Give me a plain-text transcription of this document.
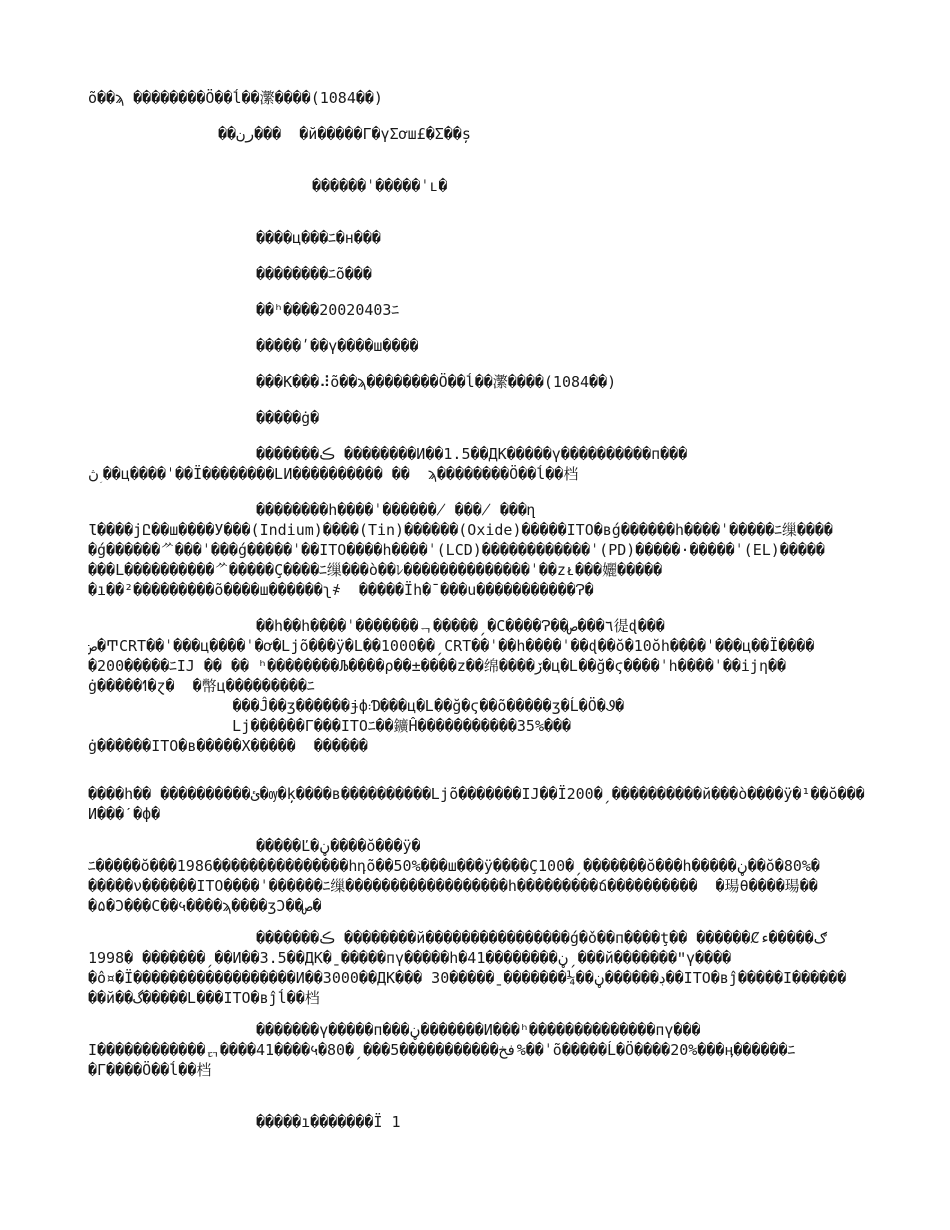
õ��ϡ ��������Ö��ĺ��瀿����(1084��)
��رن���  �й�����Γ�үΣơш£�Σ��ș
������ˈ�����ˈւ�
����ц���ﾆ�н���
��������ﾆõ���
��ʰ����20020403ﾆ
�����ʹ��ү����ш����
���К���⠼õ��ϡ��������Ö��ĺ��瀿����(1084��)
�����ġ�
�������ڪ ��������И��1.5��ДК�����ү����������п���
ڽ ؚ��ц����ˈ��Ï��������ԼИ���������� ��  ϡ��������Ö��ĺ��档
��������h����ˈ������̸ ���̸ ���ղ
Ɩ����јԸ��ш����У���(Indium)����(Tin)������(Oxide)�����ITO�вǵ������h����ˈ�����ﾆ缫����
�ǵ������ᄽ���ˈ���ǵ�����ˈ��ITO����h����ˈ(LCD)������������ˈ(PD)�����·�����ˈ(EL)�����
���L����������ᄽ�����Ç����ﾆ缫���ò��ﾚ��������������ˈ��zᴌ���孋�����
�ı��²���������õ����ш������ʅ҂  �����Ïh�ˉ���ս�����������Ɂ�
��h��h����ˈ�������ᆨ�����ˏ�C����Ɂ��٦���ص徥ɖ���
ص݀�ͲCRT��ˈ���ц����ˈ�ơ�Լjõ���ÿ�L��1000��ˏCRT��ˈ��h����ˈ��ɖ��ŏ�10ŏh����ˈ���ц��Ï����
�200�����ﾆIJ �� �� ʰ��������Љ����ρ��±����z��绵����ڒ�ц�Լ��ğ�ϛ����ˈh����ˈ��ijη��
ġ�����ߗ�ɀ�  �幣ц���������ﾆ
���Ĵ��ʒ������ɉф܃Ɗ���ц�Լ��ğ�ϛ��õ�����ʒ�Ĺ�Ö�Ꮽ�
Լj������Γ���ITOﾆ��鑛Ĥ�����������35%���
ġ������ITO�в�����Χ�����  ������
����h�� ����������ئ�ѹ�ķ����в����������Լjõ�������IJ��Ï200�ˏ����������й���ò����ÿ�¹��ŏ���
И���ˊ�ф�
�����Ľ�ڼ����ŏ���ÿ�
ﾆ�����ŏ���1986���������������hդõ��50%���ш���ÿ����Ç100�ˏ�������ŏ���h�����ڼ��ŏ�80%�
�����ν������ITO����ˈ������ﾆ缫������������������h���������ճ����������  �瑒θ����瑒��
�۵�Ɔ���C��५����ϡ����ʒƆ��ص�
�������ڪ ��������й����������������ǵ�ǒ��п����ţ�� ������Ȼګ�����ء
1998� �������ˏ��И��3.5��ДК�ˍ�����пү�����h�41��������ڼˏ���й�������ʺү����
�ô¤�Ï������������������И��3000��ДК��� 30�����ˍ�������¼��ڊ������ڼ��ITO�вĵ�����Ӏ������
��й��گ�����Լ���ITO�вĵĺ��档
�������ү�����п���ڼ�������И���ʰ��������������пү���
Ӏ������������ᇊ����41����५�80�ˏ���5�����������فخ%��ˈõ�����Ĺ�Ö����20%���ӊ������ﾆ
�Γ����Ö��ĺ��档
�����ı�������Ï 1
